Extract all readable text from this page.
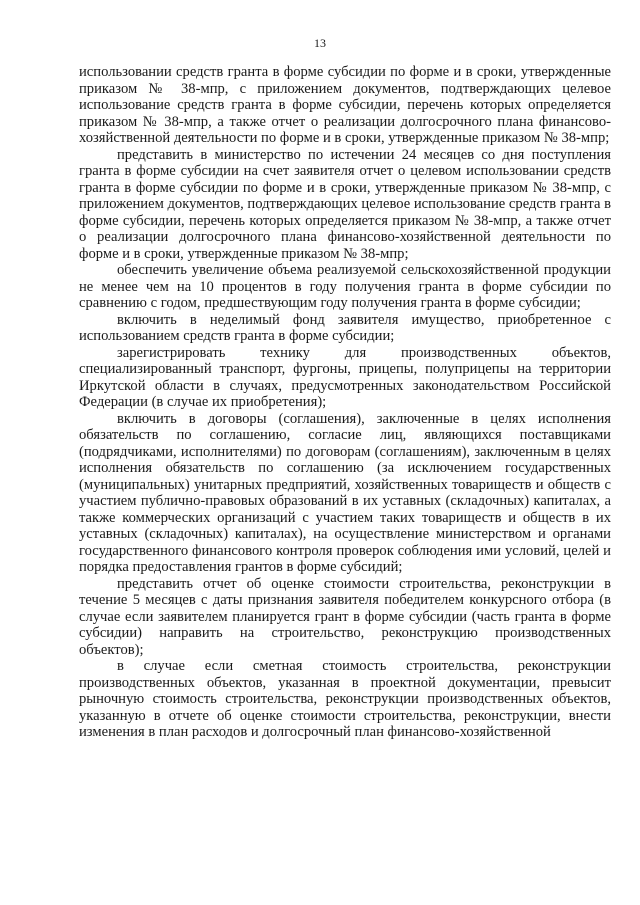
13

использовании средств гранта в форме субсидии по форме и в сроки, утвержденные приказом № 38-мпр, с приложением документов, подтверждающих целевое использование средств гранта в форме субсидии, перечень которых определяется приказом № 38-мпр, а также отчет о реализации долгосрочного плана финансово-хозяйственной деятельности по форме и в сроки, утвержденные приказом № 38-мпр;

представить в министерство по истечении 24 месяцев со дня поступления гранта в форме субсидии на счет заявителя отчет о целевом использовании средств гранта в форме субсидии по форме и в сроки, утвержденные приказом № 38-мпр, с приложением документов, подтверждающих целевое использование средств гранта в форме субсидии, перечень которых определяется приказом № 38-мпр, а также отчет о реализации долгосрочного плана финансово-хозяйственной деятельности по форме и в сроки, утвержденные приказом № 38-мпр;

обеспечить увеличение объема реализуемой сельскохозяйственной продукции не менее чем на 10 процентов в году получения гранта в форме субсидии по сравнению с годом, предшествующим году получения гранта в форме субсидии;

включить в неделимый фонд заявителя имущество, приобретенное с использованием средств гранта в форме субсидии;

зарегистрировать технику для производственных объектов, специализированный транспорт, фургоны, прицепы, полуприцепы на территории Иркутской области в случаях, предусмотренных законодательством Российской Федерации (в случае их приобретения);

включить в договоры (соглашения), заключенные в целях исполнения обязательств по соглашению, согласие лиц, являющихся поставщиками (подрядчиками, исполнителями) по договорам (соглашениям), заключенным в целях исполнения обязательств по соглашению (за исключением государственных (муниципальных) унитарных предприятий, хозяйственных товариществ и обществ с участием публично-правовых образований в их уставных (складочных) капиталах, а также коммерческих организаций с участием таких товариществ и обществ в их уставных (складочных) капиталах), на осуществление министерством и органами государственного финансового контроля проверок соблюдения ими условий, целей и порядка предоставления грантов в форме субсидий;

представить отчет об оценке стоимости строительства, реконструкции в течение 5 месяцев с даты признания заявителя победителем конкурсного отбора (в случае если заявителем планируется грант в форме субсидии (часть гранта в форме субсидии) направить на строительство, реконструкцию производственных объектов);

в случае если сметная стоимость строительства, реконструкции производственных объектов, указанная в проектной документации, превысит рыночную стоимость строительства, реконструкции производственных объектов, указанную в отчете об оценке стоимости строительства, реконструкции, внести изменения в план расходов и долгосрочный план финансово-хозяйственной
